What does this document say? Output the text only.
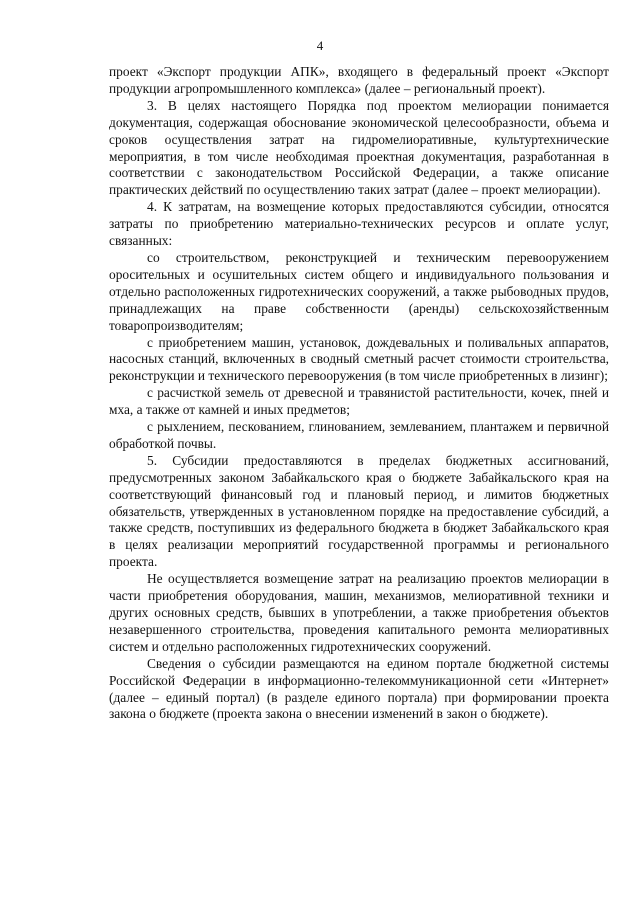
4

проект «Экспорт продукции АПК», входящего в федеральный проект «Экспорт продукции агропромышленного комплекса» (далее – региональный проект).

3. В целях настоящего Порядка под проектом мелиорации понимается документация, содержащая обоснование экономической целесообразности, объема и сроков осуществления затрат на гидромелиоративные, культуртехнические мероприятия, в том числе необходимая проектная документация, разработанная в соответствии с законодательством Российской Федерации, а также описание практических действий по осуществлению таких затрат (далее – проект мелиорации).

4. К затратам, на возмещение которых предоставляются субсидии, относятся затраты по приобретению материально-технических ресурсов и оплате услуг, связанных:

со строительством, реконструкцией и техническим перевооружением оросительных и осушительных систем общего и индивидуального пользования и отдельно расположенных гидротехнических сооружений, а также рыбоводных прудов, принадлежащих на праве собственности (аренды) сельскохозяйственным товаропроизводителям;

с приобретением машин, установок, дождевальных и поливальных аппаратов, насосных станций, включенных в сводный сметный расчет стоимости строительства, реконструкции и технического перевооружения (в том числе приобретенных в лизинг);

с расчисткой земель от древесной и травянистой растительности, кочек, пней и мха, а также от камней и иных предметов;

с рыхлением, пескованием, глинованием, землеванием, плантажем и первичной обработкой почвы.

5. Субсидии предоставляются в пределах бюджетных ассигнований, предусмотренных законом Забайкальского края о бюджете Забайкальского края на соответствующий финансовый год и плановый период, и лимитов бюджетных обязательств, утвержденных в установленном порядке на предоставление субсидий, а также средств, поступивших из федерального бюджета в бюджет Забайкальского края в целях реализации мероприятий государственной программы и регионального проекта.

Не осуществляется возмещение затрат на реализацию проектов мелиорации в части приобретения оборудования, машин, механизмов, мелиоративной техники и других основных средств, бывших в употреблении, а также приобретения объектов незавершенного строительства, проведения капитального ремонта мелиоративных систем и отдельно расположенных гидротехнических сооружений.

Сведения о субсидии размещаются на едином портале бюджетной системы Российской Федерации в информационно-телекоммуникационной сети «Интернет» (далее – единый портал) (в разделе единого портала) при формировании проекта закона о бюджете (проекта закона о внесении изменений в закон о бюджете).
